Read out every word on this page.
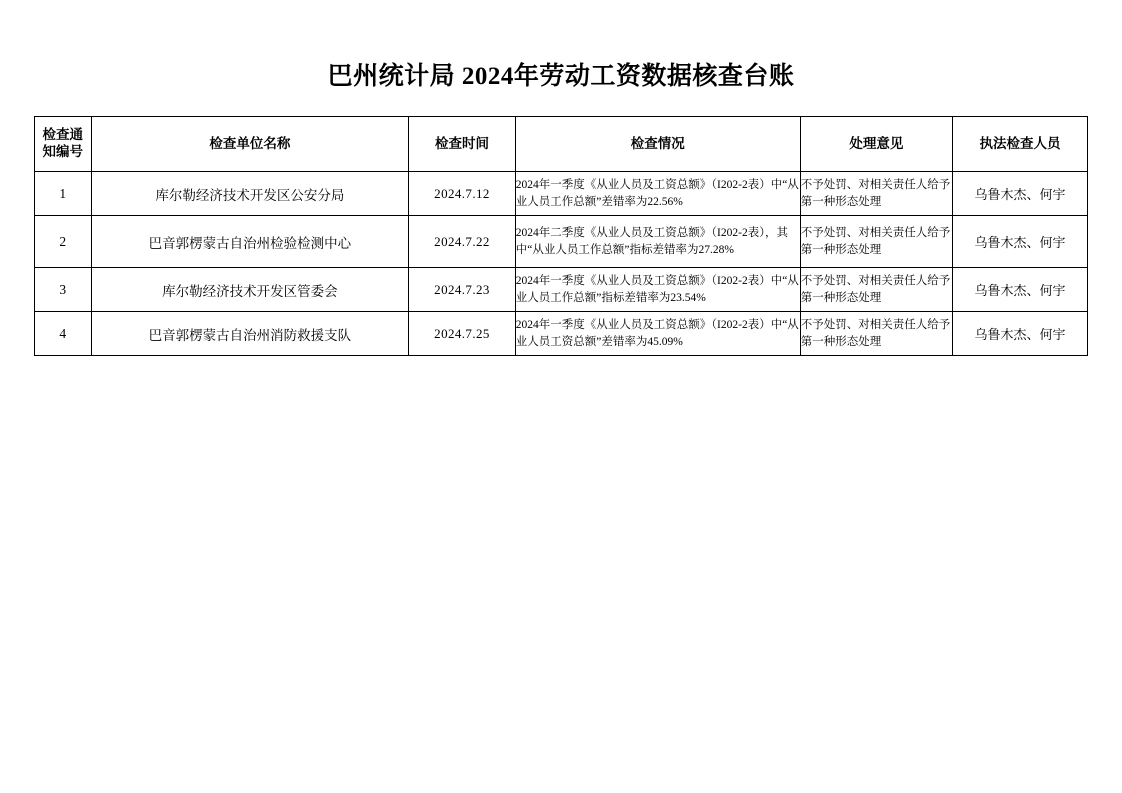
巴州统计局 2024年劳动工资数据核查台账
检查通知编号	检查单位名称	检查时间	检查情况	处理意见	执法检查人员
1	库尔勒经济技术开发区公安分局	2024.7.12	2024年一季度《从业人员及工资总额》（I202-2表）中“从业人员工作总额”差错率为22.56%	不予处罚、对相关责任人给予第一种形态处理	乌鲁木杰、何宇
2	巴音郭楞蒙古自治州检验检测中心	2024.7.22	2024年二季度《从业人员及工资总额》（I202-2表），其中“从业人员工作总额”指标差错率为27.28%	不予处罚、对相关责任人给予第一种形态处理	乌鲁木杰、何宇
3	库尔勒经济技术开发区管委会	2024.7.23	2024年一季度《从业人员及工资总额》（I202-2表）中“从业人员工作总额”指标差错率为23.54%	不予处罚、对相关责任人给予第一种形态处理	乌鲁木杰、何宇
4	巴音郭楞蒙古自治州消防救援支队	2024.7.25	2024年一季度《从业人员及工资总额》（I202-2表）中“从业人员工资总额”差错率为45.09%	不予处罚、对相关责任人给予第一种形态处理	乌鲁木杰、何宇
